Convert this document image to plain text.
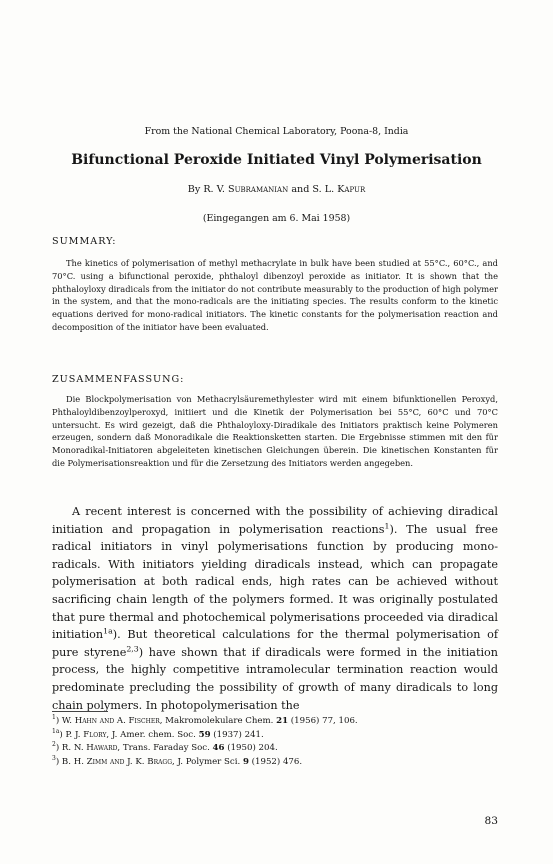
From the National Chemical Laboratory, Poona-8, India
Bifunctional Peroxide Initiated Vinyl Polymerisation
By R. V. Subramanian and S. L. Kapur
(Eingegangen am 6. Mai 1958)
SUMMARY:

The kinetics of polymerisation of methyl methacrylate in bulk have been studied at 55°C., 60°C., and 70°C. using a bifunctional peroxide, phthaloyl dibenzoyl peroxide as initiator. It is shown that the phthaloyloxy diradicals from the initiator do not contribute measurably to the production of high polymer in the system, and that the mono-radicals are the initiating species. The results conform to the kinetic equations derived for mono-radical initiators. The kinetic constants for the polymerisation reaction and decomposition of the initiator have been evaluated.

ZUSAMMENFASSUNG:

Die Blockpolymerisation von Methacrylsäuremethylester wird mit einem bifunktionellen Peroxyd, Phthaloyldibenzoylperoxyd, initiiert und die Kinetik der Polymerisation bei 55°C, 60°C und 70°C untersucht. Es wird gezeigt, daß die Phthaloyloxy-Diradikale des Initiators praktisch keine Polymeren erzeugen, sondern daß Monoradikale die Reaktionsketten starten. Die Ergebnisse stimmen mit den für Monoradikal-Initiatoren abgeleiteten kinetischen Gleichungen überein. Die kinetischen Konstanten für die Polymerisationsreaktion und für die Zersetzung des Initiators werden angegeben.

A recent interest is concerned with the possibility of achieving diradical initiation and propagation in polymerisation reactions$^1$). The usual free radical initiators in vinyl polymerisations function by producing mono-radicals. With initiators yielding diradicals instead, which can propagate polymerisation at both radical ends, high rates can be achieved without sacrificing chain length of the polymers formed. It was originally postulated that pure thermal and photochemical polymerisations proceeded via diradical initiation$^{1a}$). But theoretical calculations for the thermal polymerisation of pure styrene$^{2,3}$) have shown that if diradicals were formed in the initiation process, the highly competitive intramolecular termination reaction would predominate precluding the possibility of growth of many diradicals to long chain polymers. In photopolymerisation the

$^1$) W. Hahn and A. Fischer, Makromolekulare Chem. 21 (1956) 77, 106.
$^{1a}$) P. J. Flory, J. Amer. chem. Soc. 59 (1937) 241.
$^2$) R. N. Haward, Trans. Faraday Soc. 46 (1950) 204.
$^3$) B. H. Zimm and J. K. Bragg, J. Polymer Sci. 9 (1952) 476.
83
